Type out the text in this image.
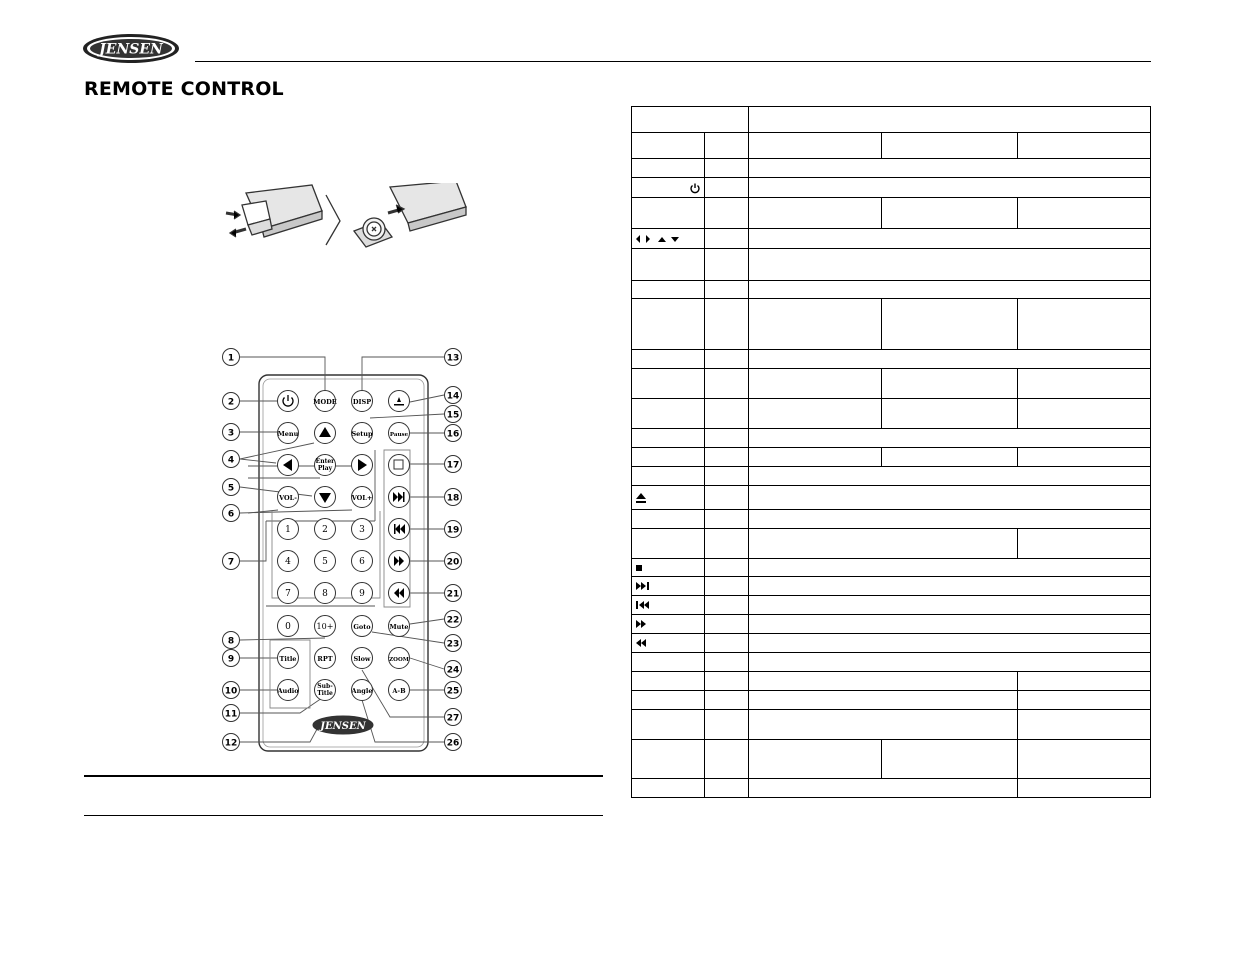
JENSEN
REMOTE CONTROL
1
2
3
4
5
6
7
8
9
10
11
12
13
14
15
16
17
18
19
20
21
22
23
24
25
26
27
MODE DISP
Menu	Setup	Pause
Enter
Play
VOL-	VOL+
1	2	3
4	5	6
7	8	9
0	10+	Goto	Mute
Title	RPT	Slow	ZOOM
Audio
Sub-
Title	Angle	A-B
JENSEN
